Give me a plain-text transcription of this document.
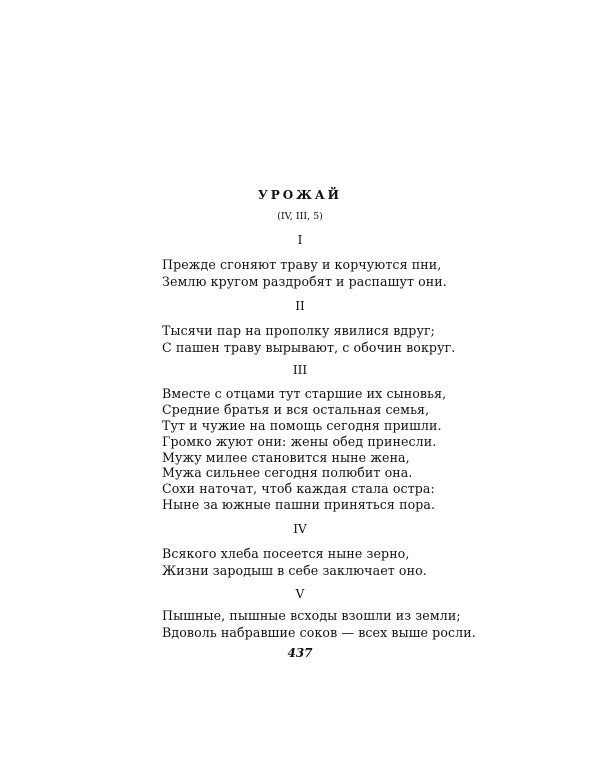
УРОЖАЙ
(IV, III, 5)
I
Прежде сгоняют траву и корчуются пни,
Землю кругом раздробят и распашут они.
II
Тысячи пар на прополку явилися вдруг;
С пашен траву вырывают, с обочин вокруг.
III
Вместе с отцами тут старшие их сыновья,
Средние братья и вся остальная семья,
Тут и чужие на помощь сегодня пришли.
Громко жуют они: жены обед принесли.
Мужу милее становится ныне жена,
Мужа сильнее сегодня полюбит она.
Сохи наточат, чтоб каждая стала остра:
Ныне за южные пашни приняться пора.
IV
Всякого хлеба посеется ныне зерно,
Жизни зародыш в себе заключает оно.
V
Пышные, пышные всходы взошли из земли;
Вдоволь набравшие соков — всех выше росли.
437
